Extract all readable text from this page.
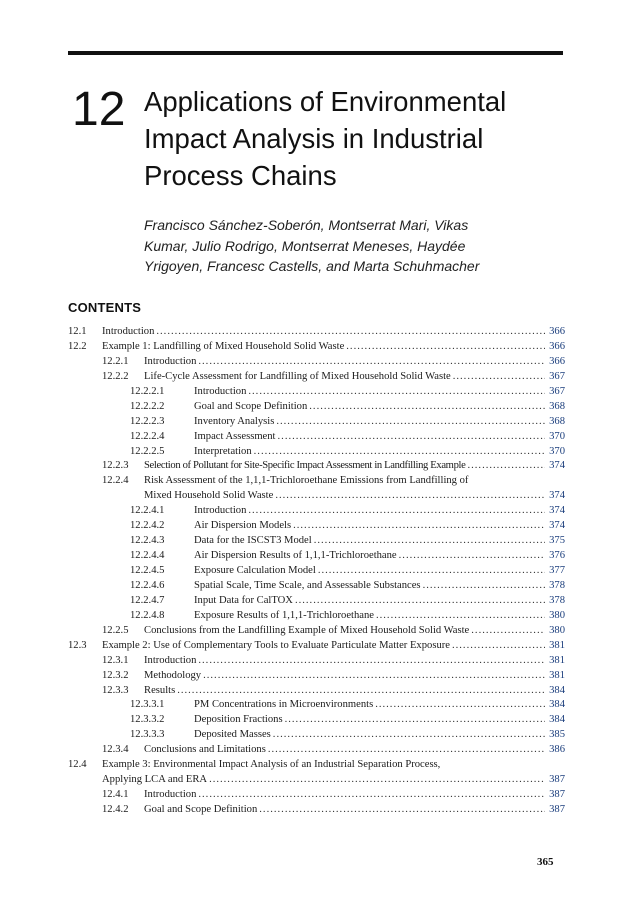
12 Applications of Environmental
Impact Analysis in Industrial
Process Chains
Francisco Sánchez-Soberón, Montserrat Mari, Vikas
Kumar, Julio Rodrigo, Montserrat Meneses, Haydée
Yrigoyen, Francesc Castells, and Marta Schuhmacher
CONTENTS
12.1 Introduction .....	366
12.2 Example 1: Landfilling of Mixed Household Solid Waste .....	366
12.2.1 Introduction .....	366
12.2.2 Life-Cycle Assessment for Landfilling of Mixed Household Solid Waste .....	367
12.2.2.1	Introduction .....	367
12.2.2.2	Goal and Scope Definition .....	368
12.2.2.3	Inventory Analysis .....	368
12.2.2.4	Impact Assessment .....	370
12.2.2.5	Interpretation .....	370
12.2.3 Selection of Pollutant for Site-Specific Impact Assessment in Landfilling Example .....	374
12.2.4 Risk Assessment of the 1,1,1-Trichloroethane Emissions from Landfilling of
Mixed Household Solid Waste .....	374
12.2.4.1	Introduction .....	374
12.2.4.2	Air Dispersion Models .....	374
12.2.4.3	Data for the ISCST3 Model .....	375
12.2.4.4	Air Dispersion Results of 1,1,1-Trichloroethane .....	376
12.2.4.5	Exposure Calculation Model .....	377
12.2.4.6	Spatial Scale, Time Scale, and Assessable Substances .....	378
12.2.4.7	Input Data for CalTOX .....	378
12.2.4.8	Exposure Results of 1,1,1-Trichloroethane .....	380
12.2.5 Conclusions from the Landfilling Example of Mixed Household Solid Waste .....	380
12.3 Example 2: Use of Complementary Tools to Evaluate Particulate Matter Exposure .....	381
12.3.1 Introduction .....	381
12.3.2 Methodology .....	381
12.3.3 Results .....	384
12.3.3.1	PM Concentrations in Microenvironments .....	384
12.3.3.2	Deposition Fractions .....	384
12.3.3.3	Deposited Masses .....	385
12.3.4 Conclusions and Limitations .....	386
12.4 Example 3: Environmental Impact Analysis of an Industrial Separation Process,
Applying LCA and ERA .....	387
12.4.1 Introduction .....	387
12.4.2 Goal and Scope Definition .....	387
365
